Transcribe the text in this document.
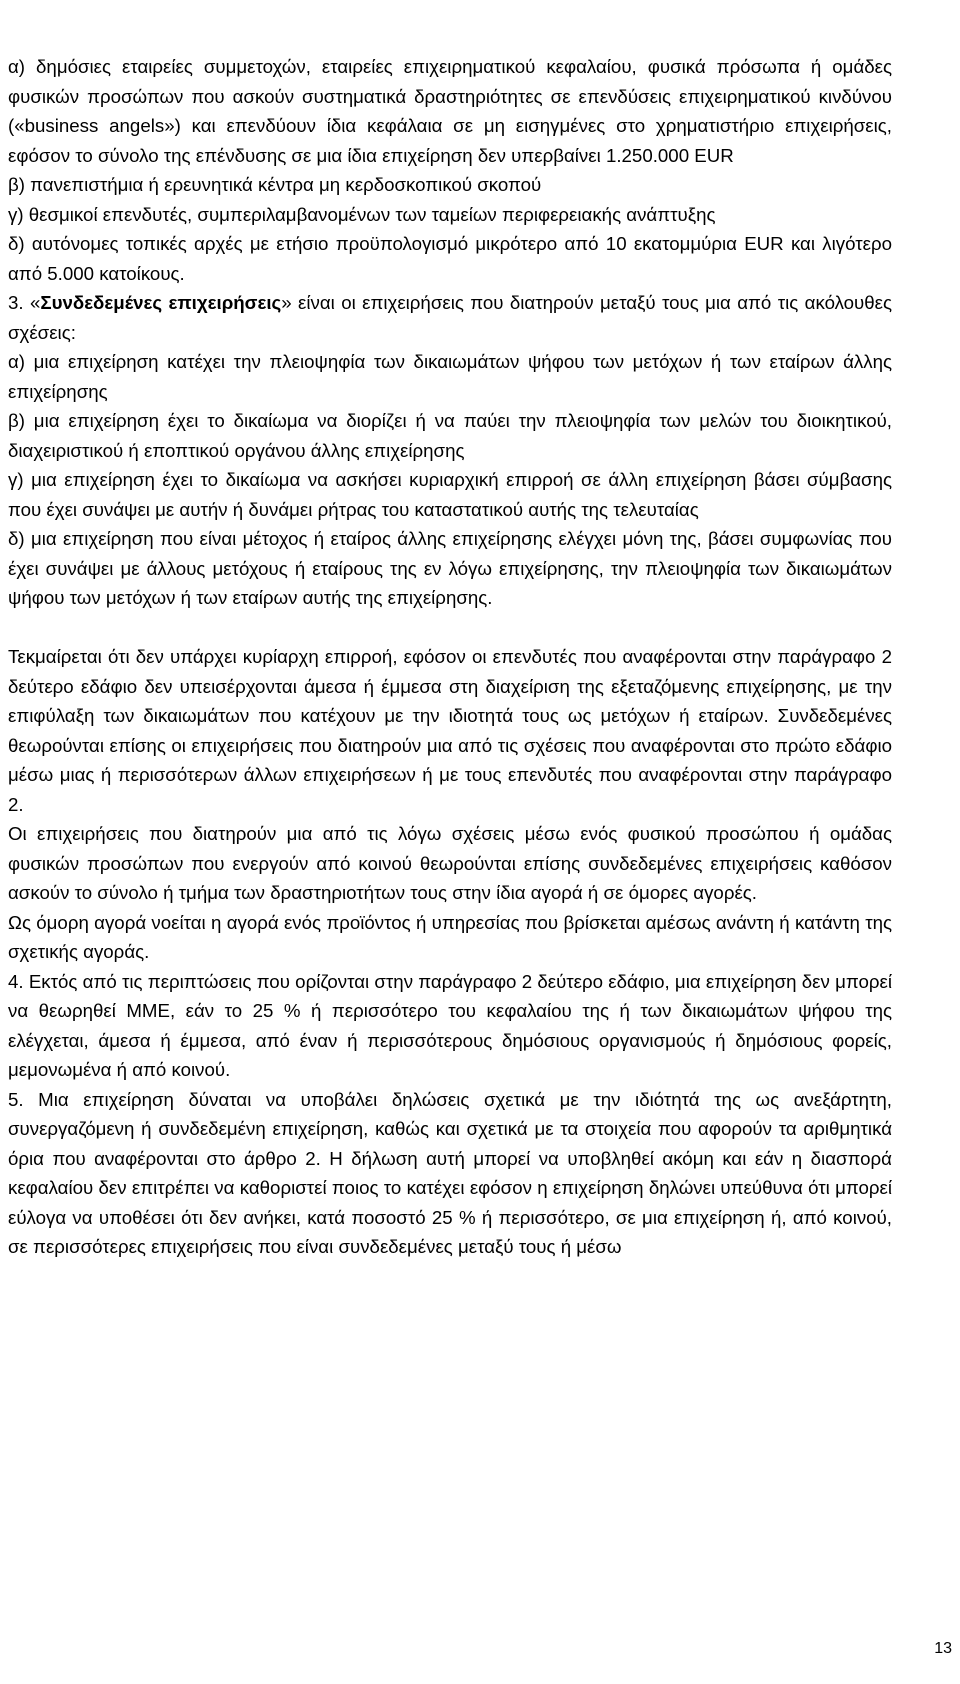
α) δημόσιες εταιρείες συμμετοχών, εταιρείες επιχειρηματικού κεφαλαίου, φυσικά πρόσωπα ή ομάδες φυσικών προσώπων που ασκούν συστηματικά δραστηριότητες σε επενδύσεις επιχειρηματικού κινδύνου («business angels») και επενδύουν ίδια κεφάλαια σε μη εισηγμένες στο χρηματιστήριο επιχειρήσεις, εφόσον το σύνολο της επένδυσης σε μια ίδια επιχείρηση δεν υπερβαίνει 1.250.000 EUR

β) πανεπιστήμια ή ερευνητικά κέντρα μη κερδοσκοπικού σκοπού

γ) θεσμικοί επενδυτές, συμπεριλαμβανομένων των ταμείων περιφερειακής ανάπτυξης

δ) αυτόνομες τοπικές αρχές με ετήσιο προϋπολογισμό μικρότερο από 10 εκατομμύρια EUR και λιγότερο από 5.000 κατοίκους.

3. «Συνδεδεμένες επιχειρήσεις» είναι οι επιχειρήσεις που διατηρούν μεταξύ τους μια από τις ακόλουθες σχέσεις:

α) μια επιχείρηση κατέχει την πλειοψηφία των δικαιωμάτων ψήφου των μετόχων ή των εταίρων άλλης επιχείρησης

β) μια επιχείρηση έχει το δικαίωμα να διορίζει ή να παύει την πλειοψηφία των μελών του διοικητικού, διαχειριστικού ή εποπτικού οργάνου άλλης επιχείρησης

γ) μια επιχείρηση έχει το δικαίωμα να ασκήσει κυριαρχική επιρροή σε άλλη επιχείρηση βάσει σύμβασης που έχει συνάψει με αυτήν ή δυνάμει ρήτρας του καταστατικού αυτής της τελευταίας

δ) μια επιχείρηση που είναι μέτοχος ή εταίρος άλλης επιχείρησης ελέγχει μόνη της, βάσει συμφωνίας που έχει συνάψει με άλλους μετόχους ή εταίρους της εν λόγω επιχείρησης, την πλειοψηφία των δικαιωμάτων ψήφου των μετόχων ή των εταίρων αυτής της επιχείρησης.

Τεκμαίρεται ότι δεν υπάρχει κυρίαρχη επιρροή, εφόσον οι επενδυτές που αναφέρονται στην παράγραφο 2 δεύτερο εδάφιο δεν υπεισέρχονται άμεσα ή έμμεσα στη διαχείριση της εξεταζόμενης επιχείρησης, με την επιφύλαξη των δικαιωμάτων που κατέχουν με την ιδιοτητά τους ως μετόχων ή εταίρων. Συνδεδεμένες θεωρούνται επίσης οι επιχειρήσεις που διατηρούν μια από τις σχέσεις που αναφέρονται στο πρώτο εδάφιο μέσω μιας ή περισσότερων άλλων επιχειρήσεων ή με τους επενδυτές που αναφέρονται στην παράγραφο 2.

Οι επιχειρήσεις που διατηρούν μια από τις λόγω σχέσεις μέσω ενός φυσικού προσώπου ή ομάδας φυσικών προσώπων που ενεργούν από κοινού θεωρούνται επίσης συνδεδεμένες επιχειρήσεις καθόσον ασκούν το σύνολο ή τμήμα των δραστηριοτήτων τους στην ίδια αγορά ή σε όμορες αγορές.

Ως όμορη αγορά νοείται η αγορά ενός προϊόντος ή υπηρεσίας που βρίσκεται αμέσως ανάντη ή κατάντη της σχετικής αγοράς.

4. Εκτός από τις περιπτώσεις που ορίζονται στην παράγραφο 2 δεύτερο εδάφιο, μια επιχείρηση δεν μπορεί να θεωρηθεί ΜΜΕ, εάν το 25 % ή περισσότερο του κεφαλαίου της ή των δικαιωμάτων ψήφου της ελέγχεται, άμεσα ή έμμεσα, από έναν ή περισσότερους δημόσιους οργανισμούς ή δημόσιους φορείς, μεμονωμένα ή από κοινού.

5. Μια επιχείρηση δύναται να υποβάλει δηλώσεις σχετικά με την ιδιότητά της ως ανεξάρτητη, συνεργαζόμενη ή συνδεδεμένη επιχείρηση, καθώς και σχετικά με τα στοιχεία που αφορούν τα αριθμητικά όρια που αναφέρονται στο άρθρο 2. Η δήλωση αυτή μπορεί να υποβληθεί ακόμη και εάν η διασπορά κεφαλαίου δεν επιτρέπει να καθοριστεί ποιος το κατέχει εφόσον η επιχείρηση δηλώνει υπεύθυνα ότι μπορεί εύλογα να υποθέσει ότι δεν ανήκει, κατά ποσοστό 25 % ή περισσότερο, σε μια επιχείρηση ή, από κοινού, σε περισσότερες επιχειρήσεις που είναι συνδεδεμένες μεταξύ τους ή μέσω

13
